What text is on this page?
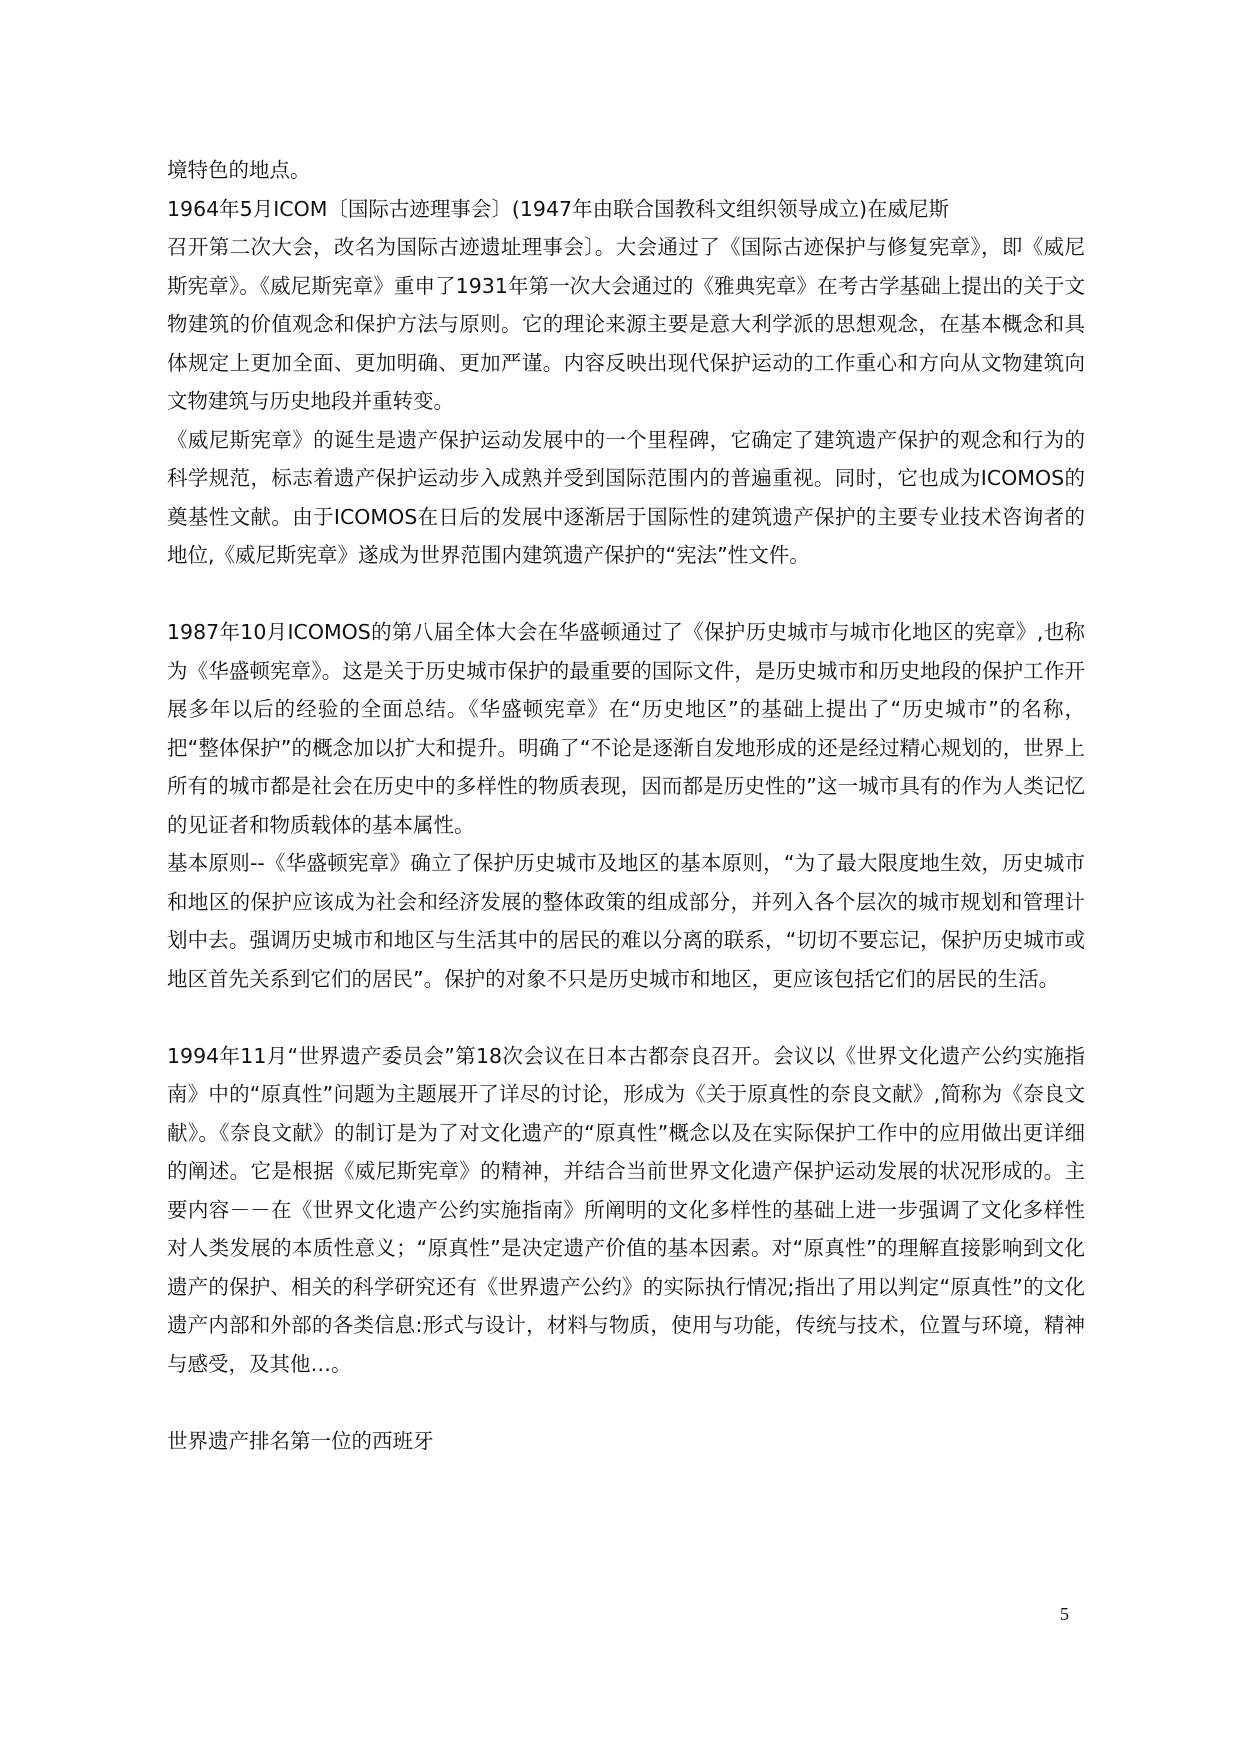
境特色的地点。

1964年5月ICOM〔国际古迹理事会〕(1947年由联合国教科文组织领导成立)在威尼斯

召开第二次大会，改名为国际古迹遗址理事会〕。大会通过了《国际古迹保护与修复宪章》，即《威尼斯宪章》。《威尼斯宪章》重申了1931年第一次大会通过的《雅典宪章》在考古学基础上提出的关于文物建筑的价值观念和保护方法与原则。它的理论来源主要是意大利学派的思想观念，在基本概念和具体规定上更加全面、更加明确、更加严谨。内容反映出现代保护运动的工作重心和方向从文物建筑向文物建筑与历史地段并重转变。

《威尼斯宪章》的诞生是遗产保护运动发展中的一个里程碑，它确定了建筑遗产保护的观念和行为的科学规范，标志着遗产保护运动步入成熟并受到国际范围内的普遍重视。同时，它也成为ICOMOS的奠基性文献。由于ICOMOS在日后的发展中逐渐居于国际性的建筑遗产保护的主要专业技术咨询者的地位,《威尼斯宪章》遂成为世界范围内建筑遗产保护的“宪法”性文件。

1987年10月ICOMOS的第八届全体大会在华盛顿通过了《保护历史城市与城市化地区的宪章》,也称为《华盛顿宪章》。这是关于历史城市保护的最重要的国际文件，是历史城市和历史地段的保护工作开展多年以后的经验的全面总结。《华盛顿宪章》在“历史地区”的基础上提出了“历史城市”的名称，把“整体保护”的概念加以扩大和提升。明确了“不论是逐渐自发地形成的还是经过精心规划的，世界上所有的城市都是社会在历史中的多样性的物质表现，因而都是历史性的”这一城市具有的作为人类记忆的见证者和物质载体的基本属性。

基本原则--《华盛顿宪章》确立了保护历史城市及地区的基本原则，“为了最大限度地生效，历史城市和地区的保护应该成为社会和经济发展的整体政策的组成部分，并列入各个层次的城市规划和管理计划中去。强调历史城市和地区与生活其中的居民的难以分离的联系，“切切不要忘记，保护历史城市或地区首先关系到它们的居民”。保护的对象不只是历史城市和地区，更应该包括它们的居民的生活。

1994年11月“世界遗产委员会”第18次会议在日本古都奈良召开。会议以《世界文化遗产公约实施指南》中的“原真性”问题为主题展开了详尽的讨论，形成为《关于原真性的奈良文献》,简称为《奈良文献》。《奈良文献》的制订是为了对文化遗产的“原真性”概念以及在实际保护工作中的应用做出更详细的阐述。它是根据《威尼斯宪章》的精神，并结合当前世界文化遗产保护运动发展的状况形成的。主要内容－－在《世界文化遗产公约实施指南》所阐明的文化多样性的基础上进一步强调了文化多样性对人类发展的本质性意义；“原真性”是决定遗产价值的基本因素。对“原真性”的理解直接影响到文化遗产的保护、相关的科学研究还有《世界遗产公约》的实际执行情况;指出了用以判定“原真性”的文化遗产内部和外部的各类信息:形式与设计，材料与物质，使用与功能，传统与技术，位置与环境，精神与感受，及其他…。

世界遗产排名第一位的西班牙

5
